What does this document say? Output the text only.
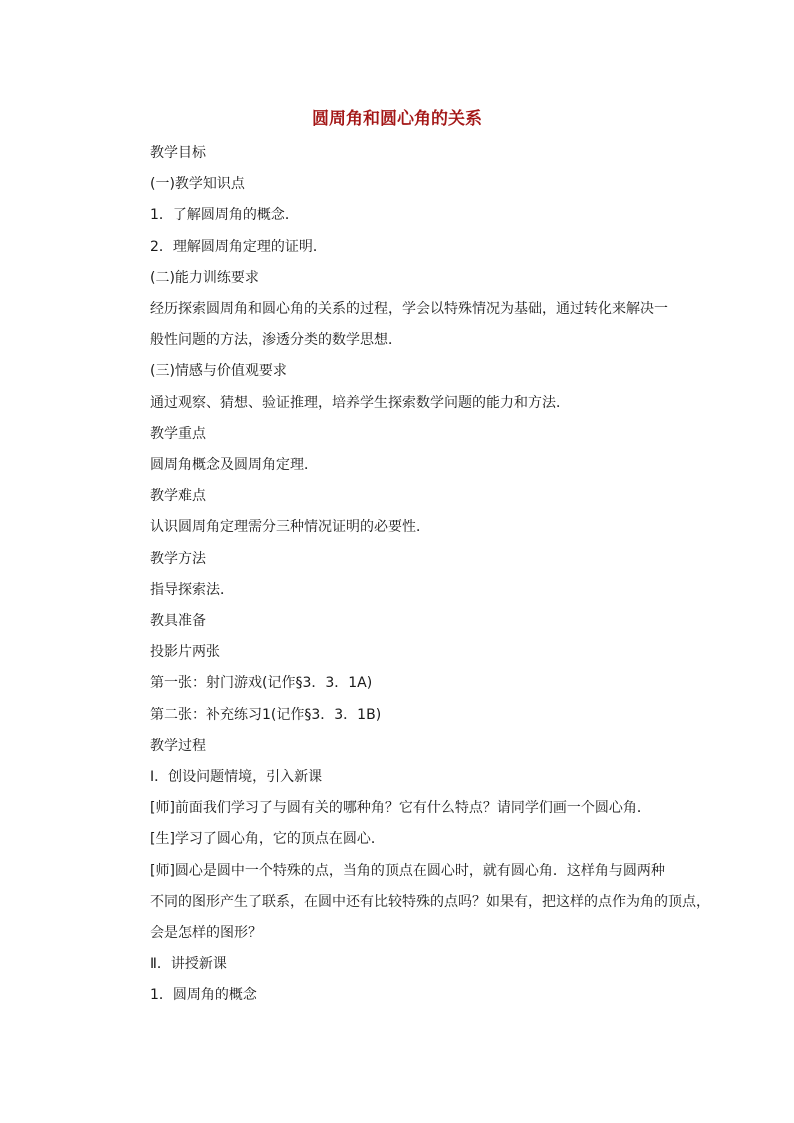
圆周角和圆心角的关系
教学目标
(一)教学知识点
1．了解圆周角的概念．
2．理解圆周角定理的证明．
(二)能力训练要求
经历探索圆周角和圆心角的关系的过程，学会以特殊情况为基础，通过转化来解决一
般性问题的方法，渗透分类的数学思想．
(三)情感与价值观要求
通过观察、猜想、验证推理，培养学生探索数学问题的能力和方法．
教学重点
圆周角概念及圆周角定理．
教学难点
认识圆周角定理需分三种情况证明的必要性．
教学方法
指导探索法．
教具准备
投影片两张
第一张：射门游戏(记作§3．3．1A)
第二张：补充练习1(记作§3．3．1B)
教学过程
Ⅰ．创设问题情境，引入新课
[师]前面我们学习了与圆有关的哪种角？它有什么特点？请同学们画一个圆心角．
[生]学习了圆心角，它的顶点在圆心．
[师]圆心是圆中一个特殊的点，当角的顶点在圆心时，就有圆心角．这样角与圆两种
不同的图形产生了联系，在圆中还有比较特殊的点吗？如果有，把这样的点作为角的顶点，
会是怎样的图形？
Ⅱ．讲授新课
1．圆周角的概念
